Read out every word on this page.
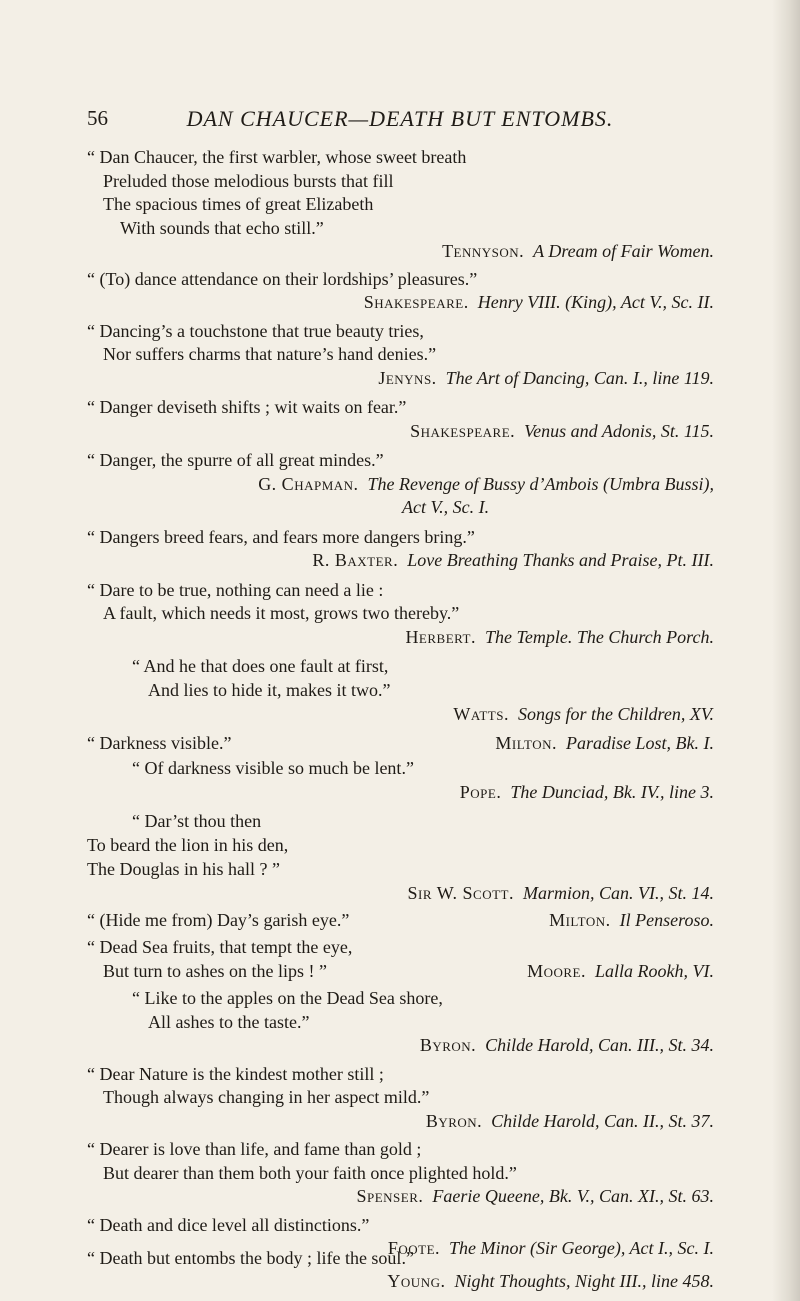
56	DAN CHAUCER—DEATH BUT ENTOMBS.
“ Dan Chaucer, the first warbler, whose sweet breath
Preluded those melodious bursts that fill
The spacious times of great Elizabeth
With sounds that echo still.”
Tennyson. A Dream of Fair Women.
“ (To) dance attendance on their lordships’ pleasures.”
Shakespeare. Henry VIII. (King), Act V., Sc. II.
“ Dancing’s a touchstone that true beauty tries,
Nor suffers charms that nature’s hand denies.”
Jenyns. The Art of Dancing, Can. I., line 119.
“ Danger deviseth shifts ; wit waits on fear.”
Shakespeare. Venus and Adonis, St. 115.
“ Danger, the spurre of all great mindes.”
G. Chapman. The Revenge of Bussy d’Ambois (Umbra Bussi),
Act V., Sc. I.
“ Dangers breed fears, and fears more dangers bring.”
R. Baxter. Love Breathing Thanks and Praise, Pt. III.
“ Dare to be true, nothing can need a lie :
A fault, which needs it most, grows two thereby.”
Herbert. The Temple. The Church Porch.
“ And he that does one fault at first,
And lies to hide it, makes it two.”
Watts. Songs for the Children, XV.
“ Darkness visible.”	Milton. Paradise Lost, Bk. I.
“ Of darkness visible so much be lent.”
Pope. The Dunciad, Bk. IV., line 3.
“ Dar’st thou then
To beard the lion in his den,
The Douglas in his hall ? ”
Sir W. Scott. Marmion, Can. VI., St. 14.
“ (Hide me from) Day’s garish eye.”	Milton. Il Penseroso.
“ Dead Sea fruits, that tempt the eye,
But turn to ashes on the lips ! ”	Moore. Lalla Rookh, VI.
“ Like to the apples on the Dead Sea shore,
All ashes to the taste.”
Byron. Childe Harold, Can. III., St. 34.
“ Dear Nature is the kindest mother still ;
Though always changing in her aspect mild.”
Byron. Childe Harold, Can. II., St. 37.
“ Dearer is love than life, and fame than gold ;
But dearer than them both your faith once plighted hold.”
Spenser. Faerie Queene, Bk. V., Can. XI., St. 63.
“ Death and dice level all distinctions.”
Foote. The Minor (Sir George), Act I., Sc. I.
“ Death but entombs the body ; life the soul.”
Young. Night Thoughts, Night III., line 458.
